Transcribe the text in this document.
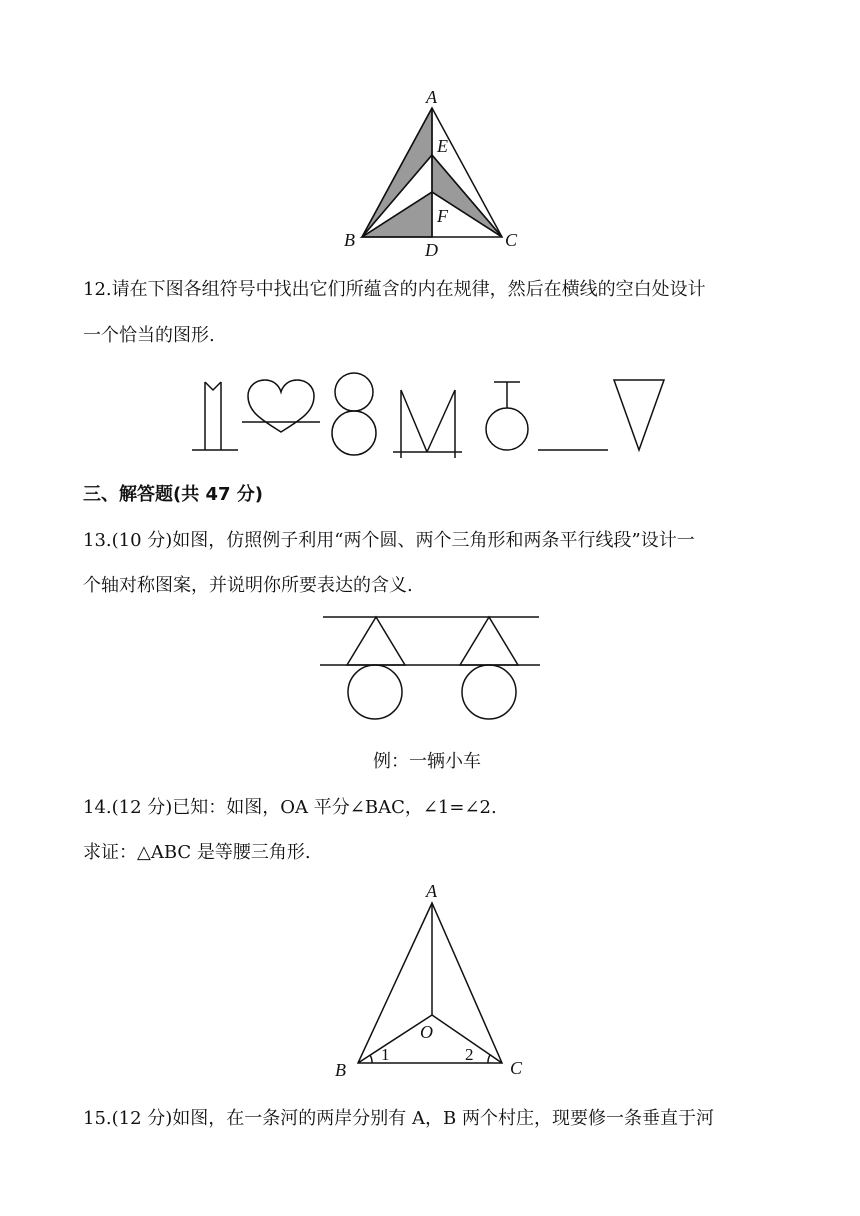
A
E
F
B	D	C
12.请在下图各组符号中找出它们所蕴含的内在规律，然后在横线的空白处设计
一个恰当的图形.
三、解答题(共 47 分)
13.(10 分)如图，仿照例子利用“两个圆、两个三角形和两条平行线段”设计一
个轴对称图案，并说明你所要表达的含义.
例：一辆小车
14.(12 分)已知：如图，OA 平分∠BAC，∠1=∠2.
求证：△ABC 是等腰三角形.
A
O
B	C
1	2
15.(12 分)如图，在一条河的两岸分别有 A，B 两个村庄，现要修一条垂直于河
